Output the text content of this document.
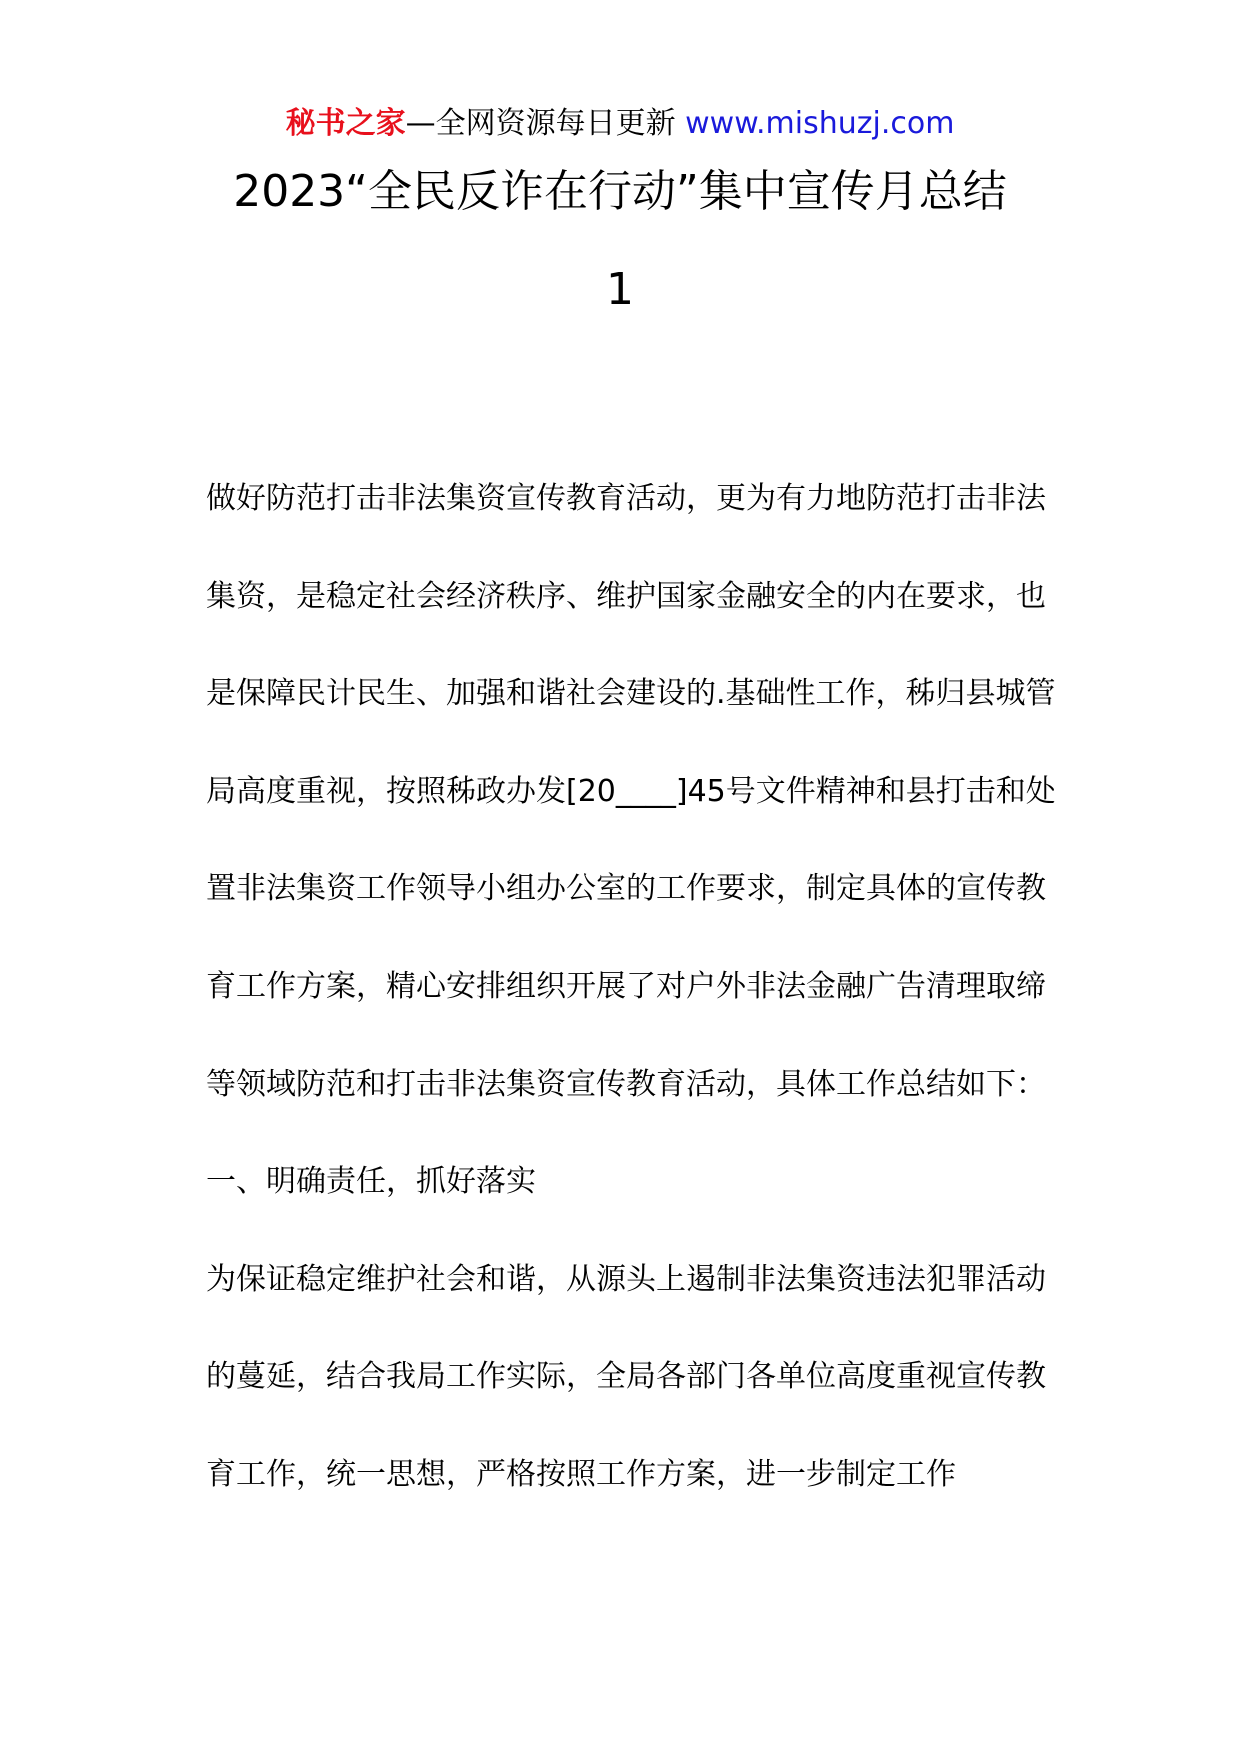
秘书之家—全网资源每日更新 www.mishuzj.com
2023“全民反诈在行动”集中宣传月总结
1

做好防范打击非法集资宣传教育活动，更为有力地防范打击非法集资，是稳定社会经济秩序、维护国家金融安全的内在要求，也是保障民计民生、加强和谐社会建设的.基础性工作，秭归县城管局高度重视，按照秭政办发[20____]45号文件精神和县打击和处置非法集资工作领导小组办公室的工作要求，制定具体的宣传教育工作方案，精心安排组织开展了对户外非法金融广告清理取缔等领域防范和打击非法集资宣传教育活动，具体工作总结如下：

一、明确责任，抓好落实

为保证稳定维护社会和谐，从源头上遏制非法集资违法犯罪活动的蔓延，结合我局工作实际，全局各部门各单位高度重视宣传教育工作，统一思想，严格按照工作方案，进一步制定工作
